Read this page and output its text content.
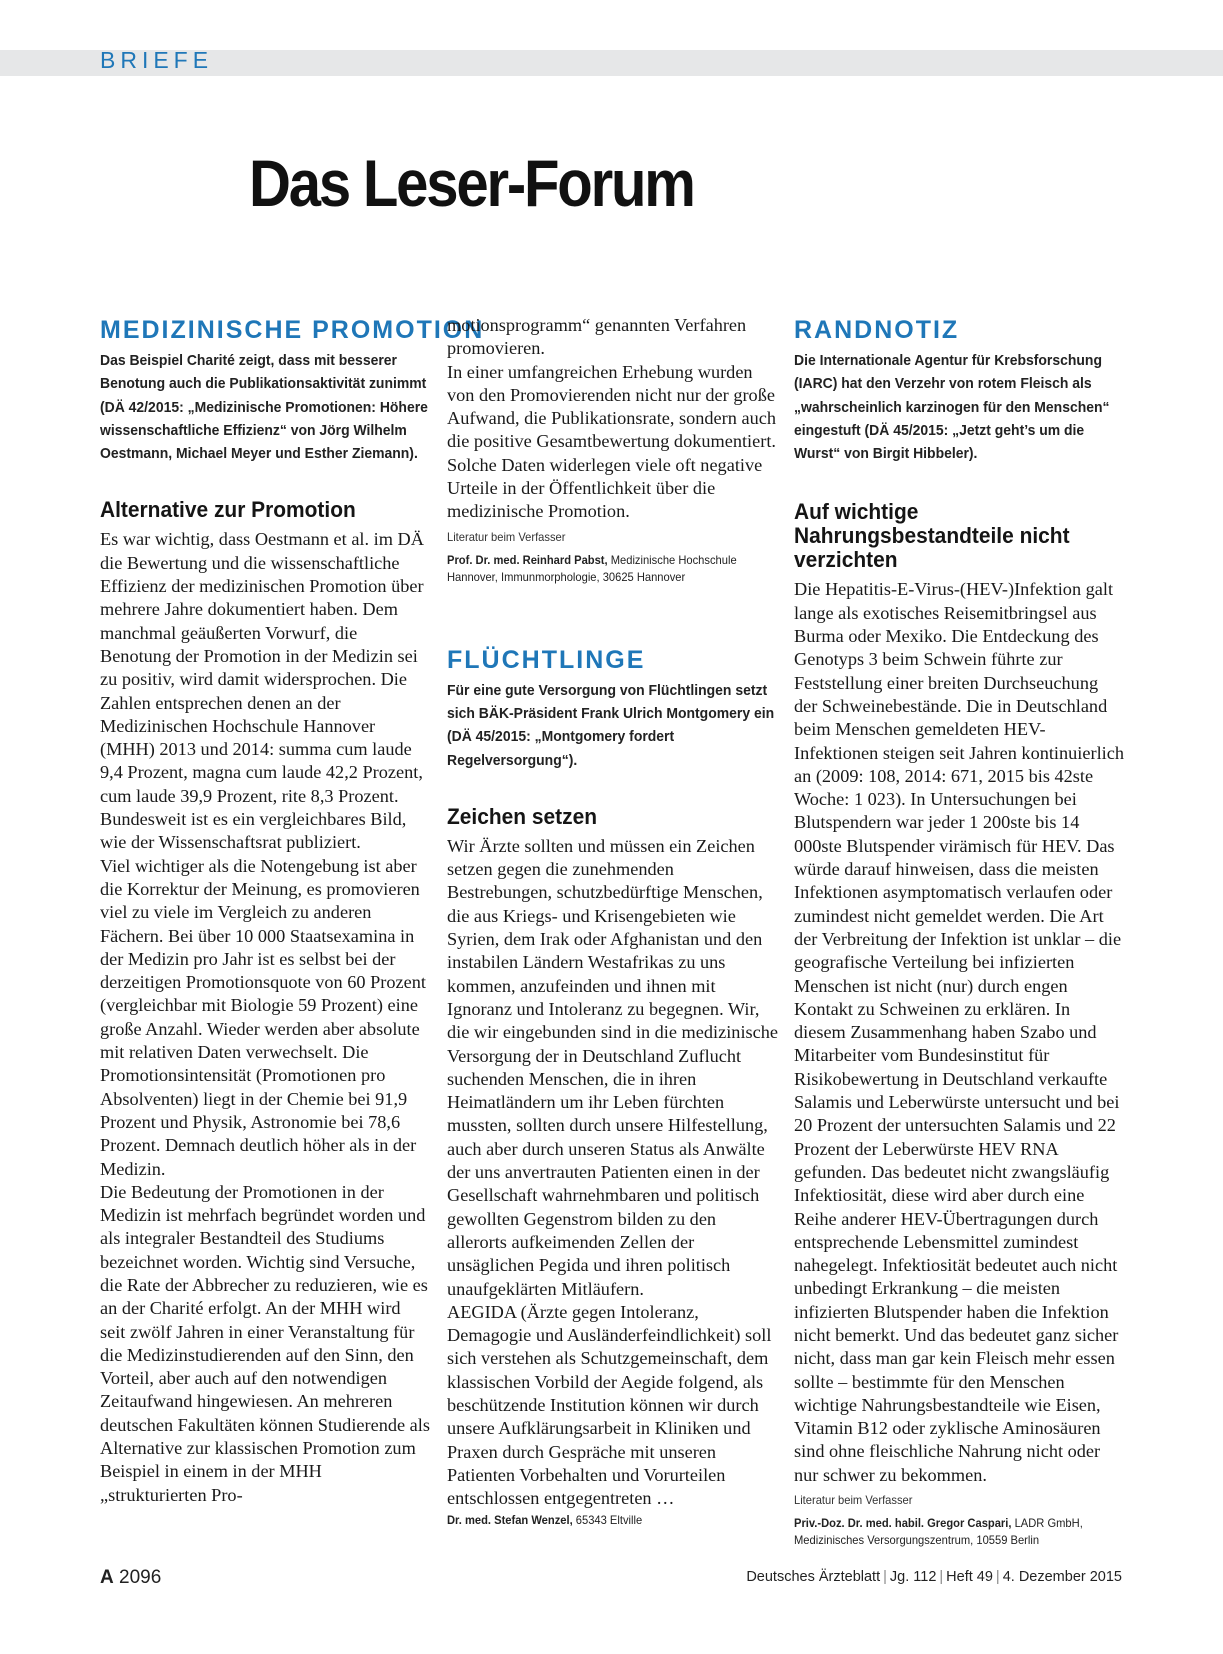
BRIEFE
Das Leser-Forum
MEDIZINISCHE PROMOTION

Das Beispiel Charité zeigt, dass mit besserer Benotung auch die Publikationsaktivität zunimmt (DÄ 42/2015: „Medizinische Promotionen: Höhere wissenschaftliche Effizienz“ von Jörg Wilhelm Oestmann, Michael Meyer und Esther Ziemann).

Alternative zur Promotion

Es war wichtig, dass Oestmann et al. im DÄ die Bewertung und die wissenschaftliche Effizienz der medizinischen Promotion über mehrere Jahre dokumentiert haben. Dem manchmal geäußerten Vorwurf, die Benotung der Promotion in der Medizin sei zu positiv, wird damit widersprochen. Die Zahlen entsprechen denen an der Medizinischen Hochschule Hannover (MHH) 2013 und 2014: summa cum laude 9,4 Prozent, magna cum laude 42,2 Prozent, cum laude 39,9 Prozent, rite 8,3 Prozent. Bundesweit ist es ein vergleichbares Bild, wie der Wissenschaftsrat publiziert.
Viel wichtiger als die Notengebung ist aber die Korrektur der Meinung, es promovieren viel zu viele im Vergleich zu anderen Fächern. Bei über 10 000 Staatsexamina in der Medizin pro Jahr ist es selbst bei der derzeitigen Promotionsquote von 60 Prozent (vergleichbar mit Biologie 59 Prozent) eine große Anzahl. Wieder werden aber absolute mit relativen Daten verwechselt. Die Promotionsintensität (Promotionen pro Absolventen) liegt in der Chemie bei 91,9 Prozent und Physik, Astronomie bei 78,6 Prozent. Demnach deutlich höher als in der Medizin.
Die Bedeutung der Promotionen in der Medizin ist mehrfach begründet worden und als integraler Bestandteil des Studiums bezeichnet worden. Wichtig sind Versuche, die Rate der Abbrecher zu reduzieren, wie es an der Charité erfolgt. An der MHH wird seit zwölf Jahren in einer Veranstaltung für die Medizinstudierenden auf den Sinn, den Vorteil, aber auch auf den notwendigen Zeitaufwand hingewiesen. An mehreren deutschen Fakultäten können Studierende als Alternative zur klassischen Promotion zum Beispiel in einem in der MHH „strukturierten Pro-

motionsprogramm“ genannten Verfahren promovieren.
In einer umfangreichen Erhebung wurden von den Promovierenden nicht nur der große Aufwand, die Publikationsrate, sondern auch die positive Gesamtbewertung dokumentiert. Solche Daten widerlegen viele oft negative Urteile in der Öffentlichkeit über die medizinische Promotion.

Literatur beim Verfasser

Prof. Dr. med. Reinhard Pabst, Medizinische Hochschule Hannover, Immunmorphologie, 30625 Hannover

FLÜCHTLINGE

Für eine gute Versorgung von Flüchtlingen setzt sich BÄK-Präsident Frank Ulrich Montgomery ein (DÄ 45/2015: „Montgomery fordert Regelversorgung“).

Zeichen setzen

Wir Ärzte sollten und müssen ein Zeichen setzen gegen die zunehmenden Bestrebungen, schutzbedürftige Menschen, die aus Kriegs- und Krisengebieten wie Syrien, dem Irak oder Afghanistan und den instabilen Ländern Westafrikas zu uns kommen, anzufeinden und ihnen mit Ignoranz und Intoleranz zu begegnen. Wir, die wir eingebunden sind in die medizinische Versorgung der in Deutschland Zuflucht suchenden Menschen, die in ihren Heimatländern um ihr Leben fürchten mussten, sollten durch unsere Hilfestellung, auch aber durch unseren Status als Anwälte der uns anvertrauten Patienten einen in der Gesellschaft wahrnehmbaren und politisch gewollten Gegenstrom bilden zu den allerorts aufkeimenden Zellen der unsäglichen Pegida und ihren politisch unaufgeklärten Mitläufern.
AEGIDA (Ärzte gegen Intoleranz, Demagogie und Ausländerfeindlichkeit) soll sich verstehen als Schutzgemeinschaft, dem klassischen Vorbild der Aegide folgend, als beschützende Institution können wir durch unsere Aufklärungsarbeit in Kliniken und Praxen durch Gespräche mit unseren Patienten Vorbehalten und Vorurteilen entschlossen entgegentreten …

Dr. med. Stefan Wenzel, 65343 Eltville

RANDNOTIZ

Die Internationale Agentur für Krebsforschung (IARC) hat den Verzehr von rotem Fleisch als „wahrscheinlich karzinogen für den Menschen“ eingestuft (DÄ 45/2015: „Jetzt geht’s um die Wurst“ von Birgit Hibbeler).

Auf wichtige Nahrungsbestandteile nicht verzichten

Die Hepatitis-E-Virus-(HEV-)Infektion galt lange als exotisches Reisemitbringsel aus Burma oder Mexiko. Die Entdeckung des Genotyps 3 beim Schwein führte zur Feststellung einer breiten Durchseuchung der Schweinebestände. Die in Deutschland beim Menschen gemeldeten HEV-Infektionen steigen seit Jahren kontinuierlich an (2009: 108, 2014: 671, 2015 bis 42ste Woche: 1 023). In Untersuchungen bei Blutspendern war jeder 1 200ste bis 14 000ste Blutspender virämisch für HEV. Das würde darauf hinweisen, dass die meisten Infektionen asymptomatisch verlaufen oder zumindest nicht gemeldet werden. Die Art der Verbreitung der Infektion ist unklar – die geografische Verteilung bei infizierten Menschen ist nicht (nur) durch engen Kontakt zu Schweinen zu erklären. In diesem Zusammenhang haben Szabo und Mitarbeiter vom Bundesinstitut für Risikobewertung in Deutschland verkaufte Salamis und Leberwürste untersucht und bei 20 Prozent der untersuchten Salamis und 22 Prozent der Leberwürste HEV RNA gefunden. Das bedeutet nicht zwangsläufig Infektiosität, diese wird aber durch eine Reihe anderer HEV-Übertragungen durch entsprechende Lebensmittel zumindest nahegelegt. Infektiosität bedeutet auch nicht unbedingt Erkrankung – die meisten infizierten Blutspender haben die Infektion nicht bemerkt. Und das bedeutet ganz sicher nicht, dass man gar kein Fleisch mehr essen sollte – bestimmte für den Menschen wichtige Nahrungsbestandteile wie Eisen, Vitamin B12 oder zyklische Aminosäuren sind ohne fleischliche Nahrung nicht oder nur schwer zu bekommen.

Literatur beim Verfasser

Priv.-Doz. Dr. med. habil. Gregor Caspari, LADR GmbH, Medizinisches Versorgungszentrum, 10559 Berlin

A 2096	Deutsches Ärzteblatt | Jg. 112 | Heft 49 | 4. Dezember 2015
